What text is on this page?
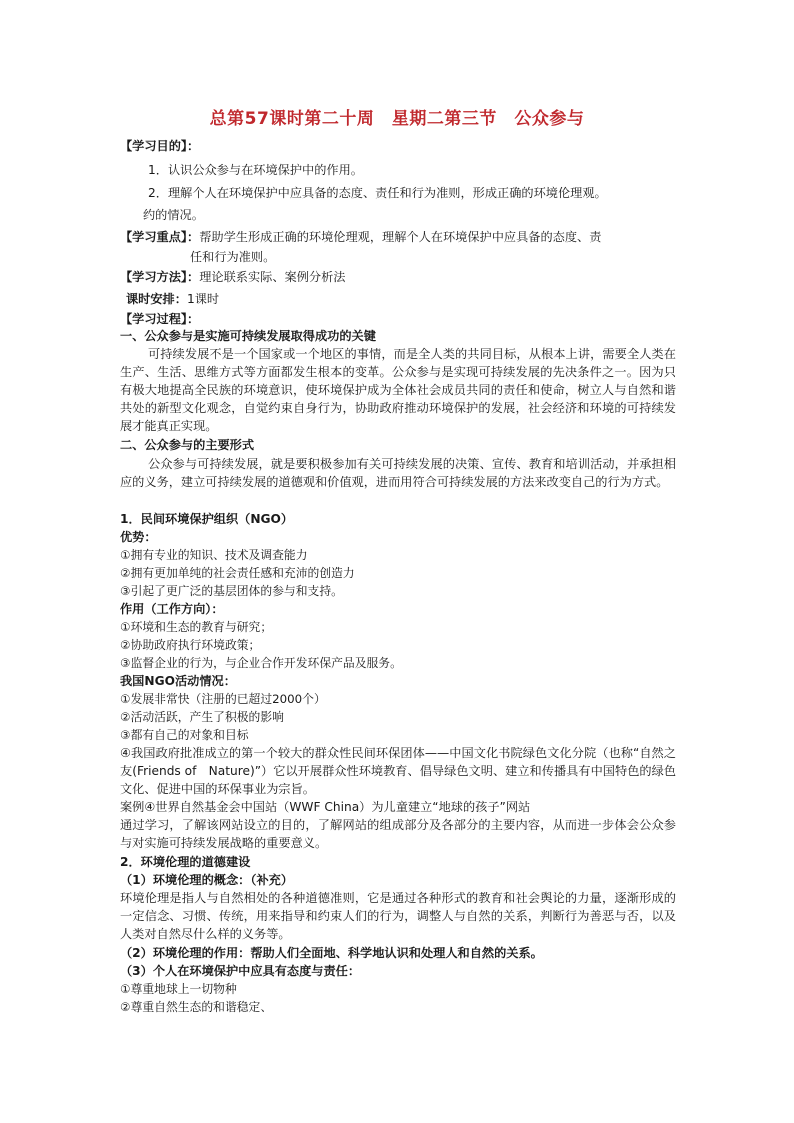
总第57课时第二十周　星期二第三节　公众参与
【学习目的】：
1．认识公众参与在环境保护中的作用。
2．理解个人在环境保护中应具备的态度、责任和行为准则，形成正确的环境伦理观。
约的情况。
【学习重点】：帮助学生形成正确的环境伦理观，理解个人在环境保护中应具备的态度、责
任和行为准则。
【学习方法】：理论联系实际、案例分析法
课时安排：1课时
【学习过程】：
一、公众参与是实施可持续发展取得成功的关键
可持续发展不是一个国家或一个地区的事情，而是全人类的共同目标，从根本上讲，需要全人类在生产、生活、思维方式等方面都发生根本的变革。公众参与是实现可持续发展的先决条件之一。因为只有极大地提高全民族的环境意识，使环境保护成为全体社会成员共同的责任和使命，树立人与自然和谐共处的新型文化观念，自觉约束自身行为，协助政府推动环境保护的发展，社会经济和环境的可持续发展才能真正实现。
二、公众参与的主要形式
公众参与可持续发展，就是要积极参加有关可持续发展的决策、宣传、教育和培训活动，并承担相应的义务，建立可持续发展的道德观和价值观，进而用符合可持续发展的方法来改变自己的行为方式。
1．民间环境保护组织（NGO）
优势：
①拥有专业的知识、技术及调查能力
②拥有更加单纯的社会责任感和充沛的创造力
③引起了更广泛的基层团体的参与和支持。
作用（工作方向）：
①环境和生态的教育与研究；
②协助政府执行环境政策；
③监督企业的行为，与企业合作开发环保产品及服务。
我国NGO活动情况：
①发展非常快（注册的已超过2000个）
②活动活跃，产生了积极的影响
③都有自己的对象和目标
④我国政府批准成立的第一个较大的群众性民间环保团体——中国文化书院绿色文化分院（也称“自然之友(Friends of　Nature)”）它以开展群众性环境教育、倡导绿色文明、建立和传播具有中国特色的绿色文化、促进中国的环保事业为宗旨。
案例④世界自然基金会中国站（WWF China）为儿童建立“地球的孩子”网站
通过学习，了解该网站设立的目的，了解网站的组成部分及各部分的主要内容，从而进一步体会公众参与对实施可持续发展战略的重要意义。
2．环境伦理的道德建设
（1）环境伦理的概念：（补充）
环境伦理是指人与自然相处的各种道德准则，它是通过各种形式的教育和社会舆论的力量，逐渐形成的一定信念、习惯、传统，用来指导和约束人们的行为，调整人与自然的关系，判断行为善恶与否，以及人类对自然尽什么样的义务等。
（2）环境伦理的作用：帮助人们全面地、科学地认识和处理人和自然的关系。
（3）个人在环境保护中应具有态度与责任：
①尊重地球上一切物种
②尊重自然生态的和谐稳定、
